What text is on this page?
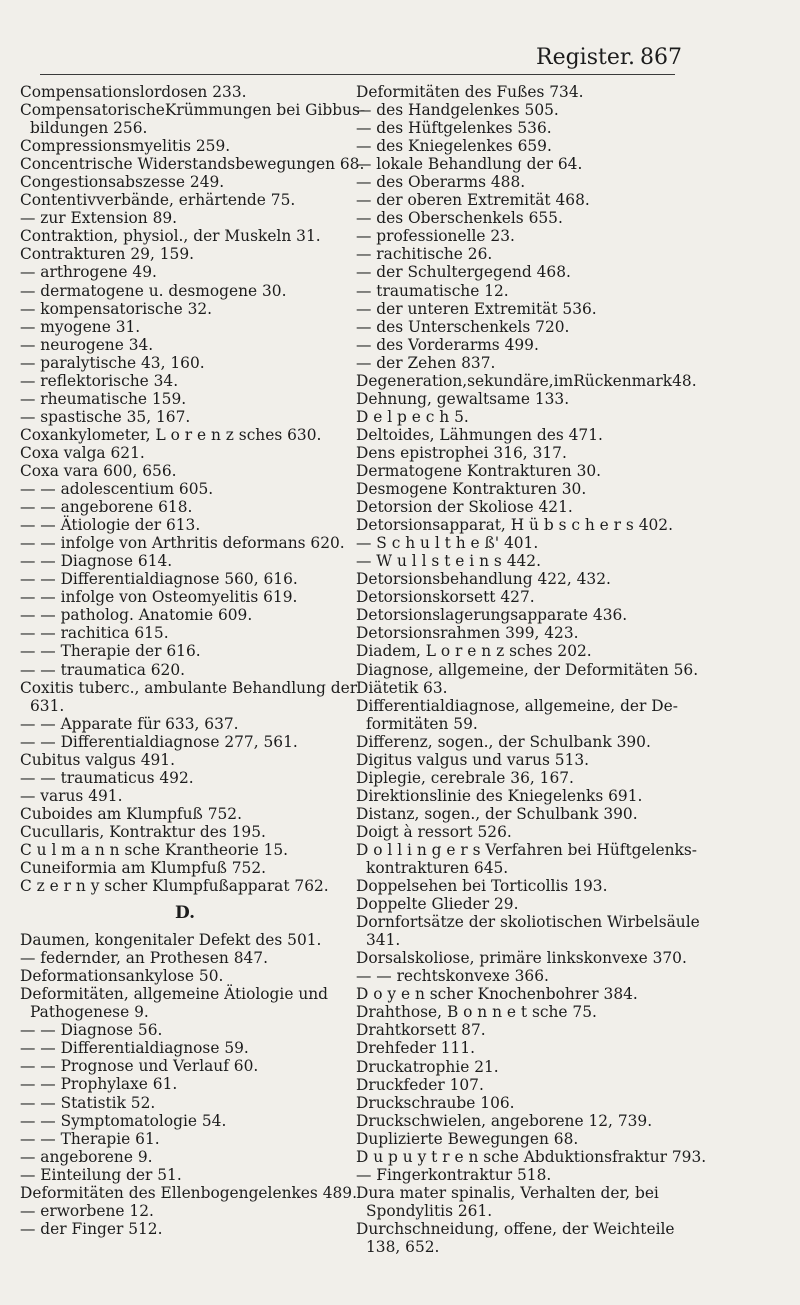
Register. 867
Compensationslordosen 233.
CompensatorischeKrümmungen bei Gibbus-
bildungen 256.
Compressionsmyelitis 259.
Concentrische Widerstandsbewegungen 68.
Congestionsabszesse 249.
Contentivverbände, erhärtende 75.
— zur Extension 89.
Contraktion, physiol., der Muskeln 31.
Contrakturen 29, 159.
— arthrogene 49.
— dermatogene u. desmogene 30.
— kompensatorische 32.
— myogene 31.
— neurogene 34.
— paralytische 43, 160.
— reflektorische 34.
— rheumatische 159.
— spastische 35, 167.
Coxankylometer, L o r e n z sches 630.
Coxa valga 621.
Coxa vara 600, 656.
— — adolescentium 605.
— — angeborene 618.
— — Ätiologie der 613.
— — infolge von Arthritis deformans 620.
— — Diagnose 614.
— — Differentialdiagnose 560, 616.
— — infolge von Osteomyelitis 619.
— — patholog. Anatomie 609.
— — rachitica 615.
— — Therapie der 616.
— — traumatica 620.
Coxitis tuberc., ambulante Behandlung der
631.
— — Apparate für 633, 637.
— — Differentialdiagnose 277, 561.
Cubitus valgus 491.
— — traumaticus 492.
— varus 491.
Cuboides am Klumpfuß 752.
Cucullaris, Kontraktur des 195.
C u l m a n n sche Krantheorie 15.
Cuneiformia am Klumpfuß 752.
C z e r n y scher Klumpfußapparat 762.
D.
Daumen, kongenitaler Defekt des 501.
— federnder, an Prothesen 847.
Deformationsankylose 50.
Deformitäten, allgemeine Ätiologie und
Pathogenese 9.
— — Diagnose 56.
— — Differentialdiagnose 59.
— — Prognose und Verlauf 60.
— — Prophylaxe 61.
— — Statistik 52.
— — Symptomatologie 54.
— — Therapie 61.
— angeborene 9.
— Einteilung der 51.
Deformitäten des Ellenbogengelenkes 489.
— erworbene 12.
— der Finger 512.
Deformitäten des Fußes 734.
— des Handgelenkes 505.
— des Hüftgelenkes 536.
— des Kniegelenkes 659.
— lokale Behandlung der 64.
— des Oberarms 488.
— der oberen Extremität 468.
— des Oberschenkels 655.
— professionelle 23.
— rachitische 26.
— der Schultergegend 468.
— traumatische 12.
— der unteren Extremität 536.
— des Unterschenkels 720.
— des Vorderarms 499.
— der Zehen 837.
Degeneration,sekundäre,imRückenmark48.
Dehnung, gewaltsame 133.
D e l p e c h 5.
Deltoides, Lähmungen des 471.
Dens epistrophei 316, 317.
Dermatogene Kontrakturen 30.
Desmogene Kontrakturen 30.
Detorsion der Skoliose 421.
Detorsionsapparat, H ü b s c h e r s 402.
— S c h u l t h e ß' 401.
— W u l l s t e i n s 442.
Detorsionsbehandlung 422, 432.
Detorsionskorsett 427.
Detorsionslagerungsapparate 436.
Detorsionsrahmen 399, 423.
Diadem, L o r e n z sches 202.
Diagnose, allgemeine, der Deformitäten 56.
Diätetik 63.
Differentialdiagnose, allgemeine, der De-
formitäten 59.
Differenz, sogen., der Schulbank 390.
Digitus valgus und varus 513.
Diplegie, cerebrale 36, 167.
Direktionslinie des Kniegelenks 691.
Distanz, sogen., der Schulbank 390.
Doigt à ressort 526.
D o l l i n g e r s Verfahren bei Hüftgelenks-
kontrakturen 645.
Doppelsehen bei Torticollis 193.
Doppelte Glieder 29.
Dornfortsätze der skoliotischen Wirbelsäule
341.
Dorsalskoliose, primäre linkskonvexe 370.
— — rechtskonvexe 366.
D o y e n scher Knochenbohrer 384.
Drahthose, B o n n e t sche 75.
Drahtkorsett 87.
Drehfeder 111.
Druckatrophie 21.
Druckfeder 107.
Druckschraube 106.
Druckschwielen, angeborene 12, 739.
Duplizierte Bewegungen 68.
D u p u y t r e n sche Abduktionsfraktur 793.
— Fingerkontraktur 518.
Dura mater spinalis, Verhalten der, bei
Spondylitis 261.
Durchschneidung, offene, der Weichteile
138, 652.
